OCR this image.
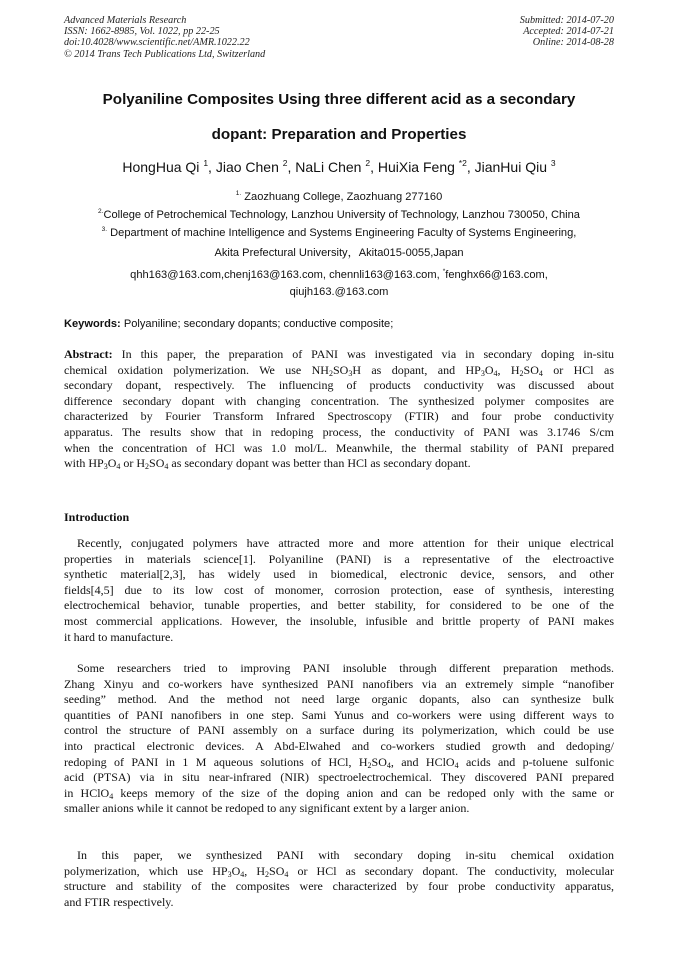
Advanced Materials Research
ISSN: 1662-8985, Vol. 1022, pp 22-25
doi:10.4028/www.scientific.net/AMR.1022.22
© 2014 Trans Tech Publications Ltd, Switzerland
Submitted: 2014-07-20
Accepted: 2014-07-21
Online: 2014-08-28
Polyaniline Composites Using three different acid as a secondary
dopant: Preparation and Properties
HongHua Qi $^1$, Jiao Chen $^2$, NaLi Chen $^2$, HuiXia Feng $^{*2}$, JianHui Qiu $^3$
$^{1.}$ Zaozhuang College, Zaozhuang 277160
$^{2.}$College of Petrochemical Technology, Lanzhou University of Technology, Lanzhou 730050, China
$^{3.}$ Department of machine Intelligence and Systems Engineering Faculty of Systems Engineering,
Akita Prefectural University，Akita015-0055,Japan
qhh163@163.com,chenj163@163.com, chennli163@163.com, *fenghx66@163.com,
qiujh163.@163.com
Keywords: Polyaniline; secondary dopants; conductive composite;
Abstract: In this paper, the preparation of PANI was investigated via in secondary doping in-situ
chemical oxidation polymerization. We use $NH_2SO_3H$ as dopant, and $HP_3O_4$, $H_2SO_4$ or HCl as
secondary dopant, respectively. The influencing of products conductivity was discussed about
difference secondary dopant with changing concentration. The synthesized polymer composites are
characterized by Fourier Transform Infrared Spectroscopy (FTIR) and four probe conductivity
apparatus. The results show that in redoping process, the conductivity of PANI was 3.1746 S/cm
when the concentration of HCl was 1.0 mol/L. Meanwhile, the thermal stability of PANI prepared
with $HP_3O_4$ or $H_2SO_4$ as secondary dopant was better than HCl as secondary dopant.
Introduction
Recently, conjugated polymers have attracted more and more attention for their unique electrical
properties in materials science[1]. Polyaniline (PANI) is a representative of the electroactive
synthetic material[2,3], has widely used in biomedical, electronic device, sensors, and other
fields[4,5] due to its low cost of monomer, corrosion protection, ease of synthesis, interesting
electrochemical behavior, tunable properties, and better stability, for considered to be one of the
most commercial applications. However, the insoluble, infusible and brittle property of PANI makes
it hard to manufacture.
Some researchers tried to improving PANI insoluble through different preparation methods.
Zhang Xinyu and co-workers have synthesized PANI nanofibers via an extremely simple “nanofiber
seeding” method. And the method not need large organic dopants, also can synthesize bulk
quantities of PANI nanofibers in one step. Sami Yunus and co-workers were using different ways to
control the structure of PANI assembly on a surface during its polymerization, which could be use
into practical electronic devices. A Abd-Elwahed and co-workers studied growth and dedoping/
redoping of PANI in 1 M aqueous solutions of HCl, $H_2SO_4$, and HClO$_4$ acids and p-toluene sulfonic
acid (PTSA) via in situ near-infrared (NIR) spectroelectrochemical. They discovered PANI prepared
in HClO$_4$ keeps memory of the size of the doping anion and can be redoped only with the same or
smaller anions while it cannot be redoped to any significant extent by a larger anion.
In this paper, we synthesized PANI with secondary doping in-situ chemical oxidation
polymerization, which use $HP_3O_4$, $H_2SO_4$ or HCl as secondary dopant. The conductivity, molecular
structure and stability of the composites were characterized by four probe conductivity apparatus,
and FTIR respectively.
